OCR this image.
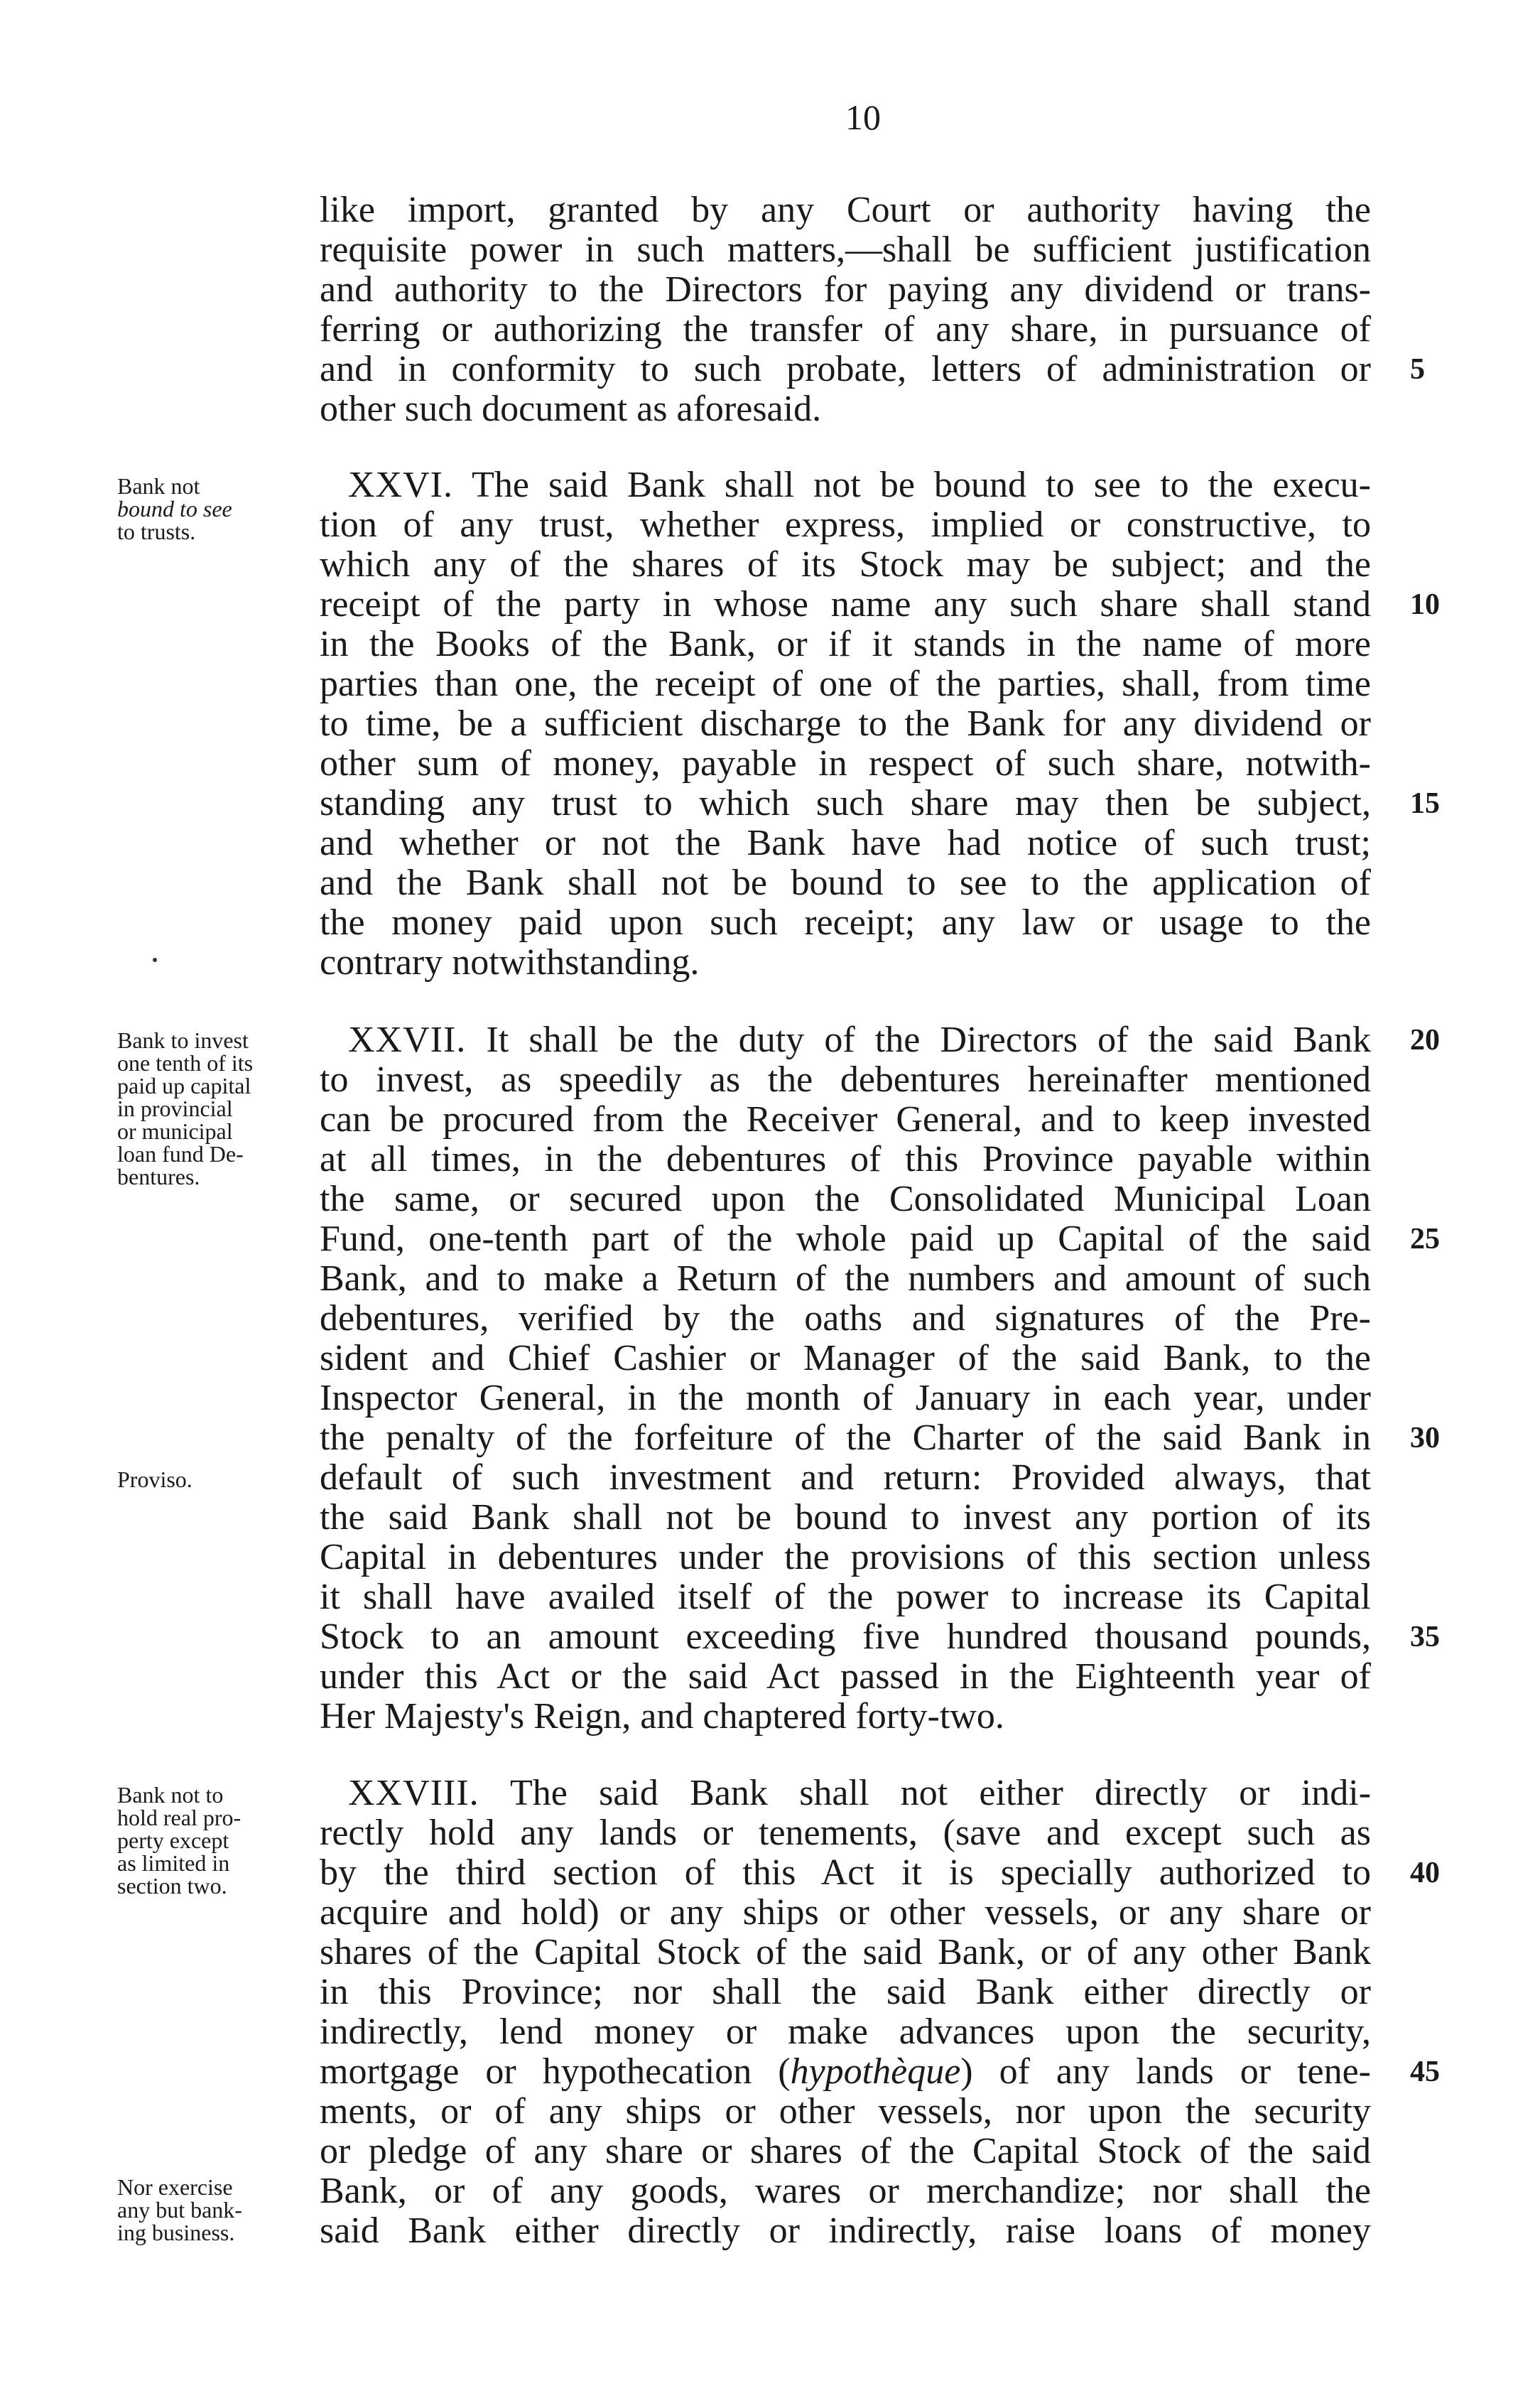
10
like import, granted by any Court or authority having the
requisite power in such matters,—shall be sufficient justification
and authority to the Directors for paying any dividend or trans-
ferring or authorizing the transfer of any share, in pursuance of
and in conformity to such probate, letters of administration or
other such document as aforesaid.
XXVI. The said Bank shall not be bound to see to the execu-
tion of any trust, whether express, implied or constructive, to
which any of the shares of its Stock may be subject; and the
receipt of the party in whose name any such share shall stand
in the Books of the Bank, or if it stands in the name of more
parties than one, the receipt of one of the parties, shall, from time
to time, be a sufficient discharge to the Bank for any dividend or
other sum of money, payable in respect of such share, notwith-
standing any trust to which such share may then be subject,
and whether or not the Bank have had notice of such trust;
and the Bank shall not be bound to see to the application of
the money paid upon such receipt; any law or usage to the
contrary notwithstanding.
XXVII. It shall be the duty of the Directors of the said Bank
to invest, as speedily as the debentures hereinafter mentioned
can be procured from the Receiver General, and to keep invested
at all times, in the debentures of this Province payable within
the same, or secured upon the Consolidated Municipal Loan
Fund, one-tenth part of the whole paid up Capital of the said
Bank, and to make a Return of the numbers and amount of such
debentures, verified by the oaths and signatures of the Pre-
sident and Chief Cashier or Manager of the said Bank, to the
Inspector General, in the month of January in each year, under
the penalty of the forfeiture of the Charter of the said Bank in
default of such investment and return: Provided always, that
the said Bank shall not be bound to invest any portion of its
Capital in debentures under the provisions of this section unless
it shall have availed itself of the power to increase its Capital
Stock to an amount exceeding five hundred thousand pounds,
under this Act or the said Act passed in the Eighteenth year of
Her Majesty's Reign, and chaptered forty-two.
XXVIII. The said Bank shall not either directly or indi-
rectly hold any lands or tenements, (save and except such as
by the third section of this Act it is specially authorized to
acquire and hold) or any ships or other vessels, or any share or
shares of the Capital Stock of the said Bank, or of any other Bank
in this Province; nor shall the said Bank either directly or
indirectly, lend money or make advances upon the security,
mortgage or hypothecation (hypothèque) of any lands or tene-
ments, or of any ships or other vessels, nor upon the security
or pledge of any share or shares of the Capital Stock of the said
Bank, or of any goods, wares or merchandize; nor shall the
said Bank either directly or indirectly, raise loans of money
5
10
15
20
25
30
35
40
45
Bank not
bound to see
to trusts.
Bank to invest
one tenth of its
paid up capital
in provincial
or municipal
loan fund De-
bentures.
Proviso.
Bank not to
hold real pro-
perty except
as limited in
section two.
Nor exercise
any but bank-
ing business.
